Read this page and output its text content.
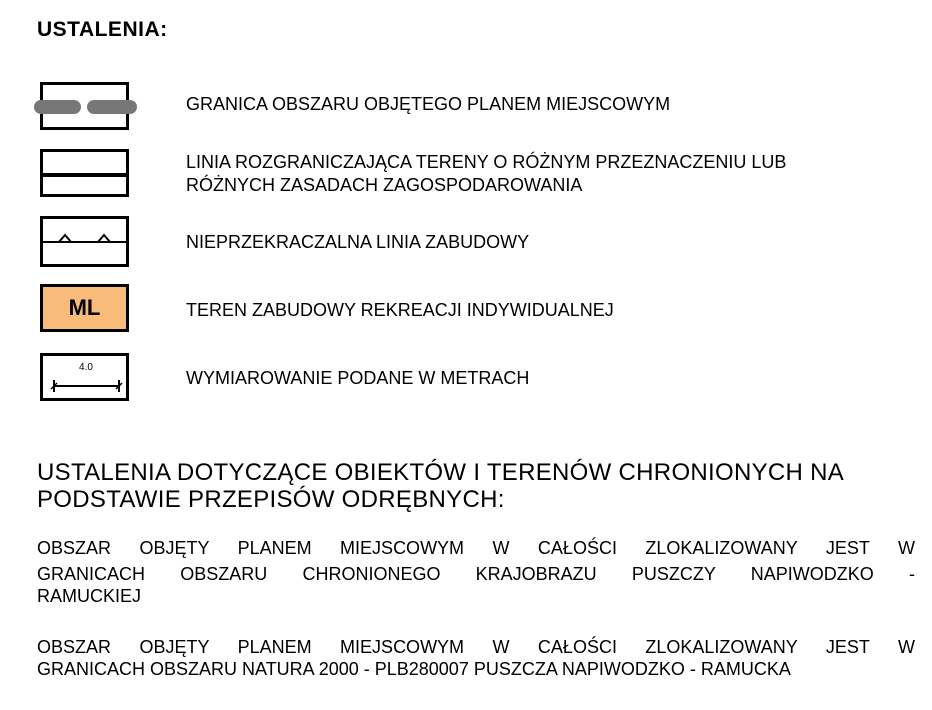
USTALENIA:
GRANICA OBSZARU OBJĘTEGO PLANEM MIEJSCOWYM
LINIA ROZGRANICZAJĄCA TERENY O RÓŻNYM PRZEZNACZENIU LUB
RÓŻNYCH ZASADACH ZAGOSPODAROWANIA
NIEPRZEKRACZALNA LINIA ZABUDOWY
ML	TEREN ZABUDOWY REKREACJI INDYWIDUALNEJ
4.0
WYMIAROWANIE PODANE W METRACH
USTALENIA DOTYCZĄCE OBIEKTÓW I TERENÓW CHRONIONYCH NA
PODSTAWIE PRZEPISÓW ODRĘBNYCH:
OBSZAR OBJĘTY PLANEM MIEJSCOWYM W CAŁOŚCI ZLOKALIZOWANY JEST W
GRANICACH OBSZARU CHRONIONEGO KRAJOBRAZU PUSZCZY NAPIWODZKO -
RAMUCKIEJ
OBSZAR OBJĘTY PLANEM MIEJSCOWYM W CAŁOŚCI ZLOKALIZOWANY JEST W
GRANICACH OBSZARU NATURA 2000 - PLB280007 PUSZCZA NAPIWODZKO - RAMUCKA
